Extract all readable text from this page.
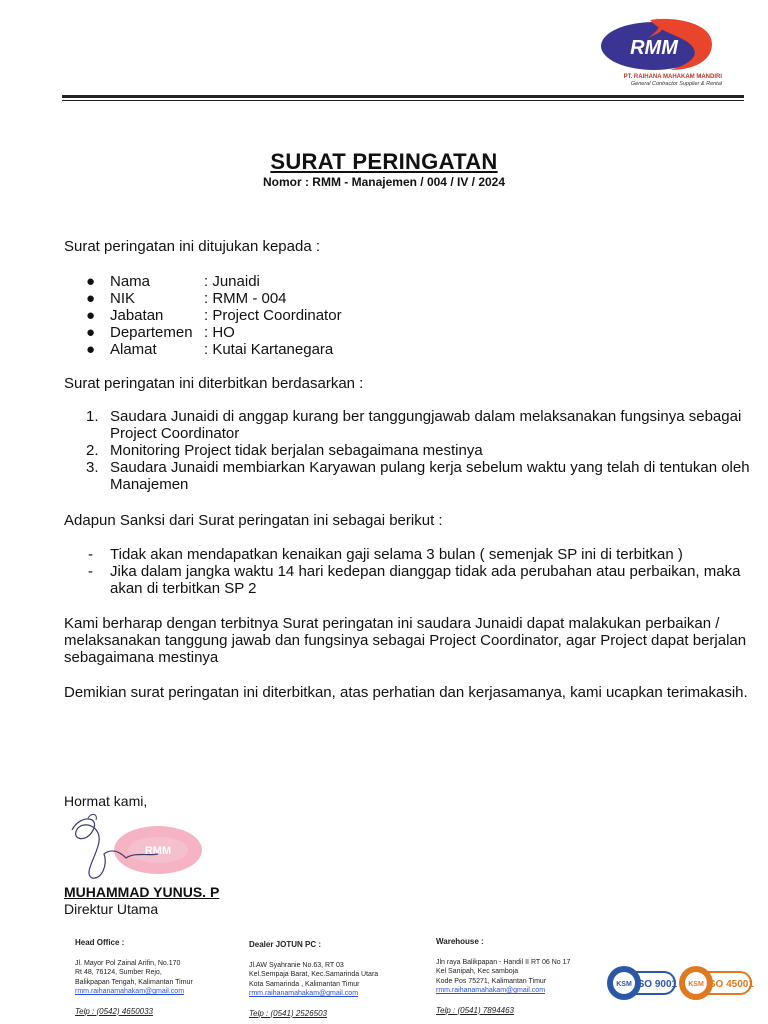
RMM
PT. RAIHANA MAHAKAM MANDIRI
General Contractor Supplier & Rental
SURAT PERINGATAN
Nomor : RMM - Manajemen / 004 / IV / 2024
Surat peringatan ini ditujukan kepada :
● Nama	: Junaidi
● NIK	: RMM - 004
● Jabatan	: Project Coordinator
● Departemen : HO
● Alamat	: Kutai Kartanegara
Surat peringatan ini diterbitkan berdasarkan :
1. Saudara Junaidi di anggap kurang ber tanggungjawab dalam melaksanakan fungsinya sebagai Project Coordinator
2. Monitoring Project tidak berjalan sebagaimana mestinya
3. Saudara Junaidi membiarkan Karyawan pulang kerja sebelum waktu yang telah di tentukan oleh Manajemen
Adapun Sanksi dari Surat peringatan ini sebagai berikut :
-	Tidak akan mendapatkan kenaikan gaji selama 3 bulan ( semenjak SP ini di terbitkan )
-	Jika dalam jangka waktu 14 hari kedepan dianggap tidak ada perubahan atau perbaikan, maka akan di terbitkan SP 2
Kami berharap dengan terbitnya Surat peringatan ini saudara Junaidi dapat malakukan perbaikan / melaksanakan tanggung jawab dan fungsinya sebagai Project Coordinator, agar Project dapat berjalan sebagaimana mestinya
Demikian surat peringatan ini diterbitkan, atas perhatian dan kerjasamanya, kami ucapkan terimakasih.
Hormat kami,
RMM
MUHAMMAD YUNUS. P
Direktur Utama
Head Office :
Jl. Mayor Pol Zainal Arifin, No.170
Rt 48, 76124, Sumber Rejo,
Balikpapan Tengah, Kalimantan Timur
rmm.raihanamahakam@gmail.com
Telp : (0542) 4650033
Dealer JOTUN PC :
Jl.AW Syahranie No.63, RT 03
Kel.Sempaja Barat, Kec.Samarinda Utara
Kota Samarinda , Kalimantan Timur
rmm.raihanamahakam@gmail.com
Telp : (0541) 2526503
Warehouse :
Jln raya Balikpapan - Handil II RT 06 No 17
Kel Sanipah, Kec samboja
Kode Pos 75271, Kalimantan Timur
rmm.raihanamahakam@gmail.com
Telp : (0541) 7894463
KSM ISO 9001 KSM ISO 45001
